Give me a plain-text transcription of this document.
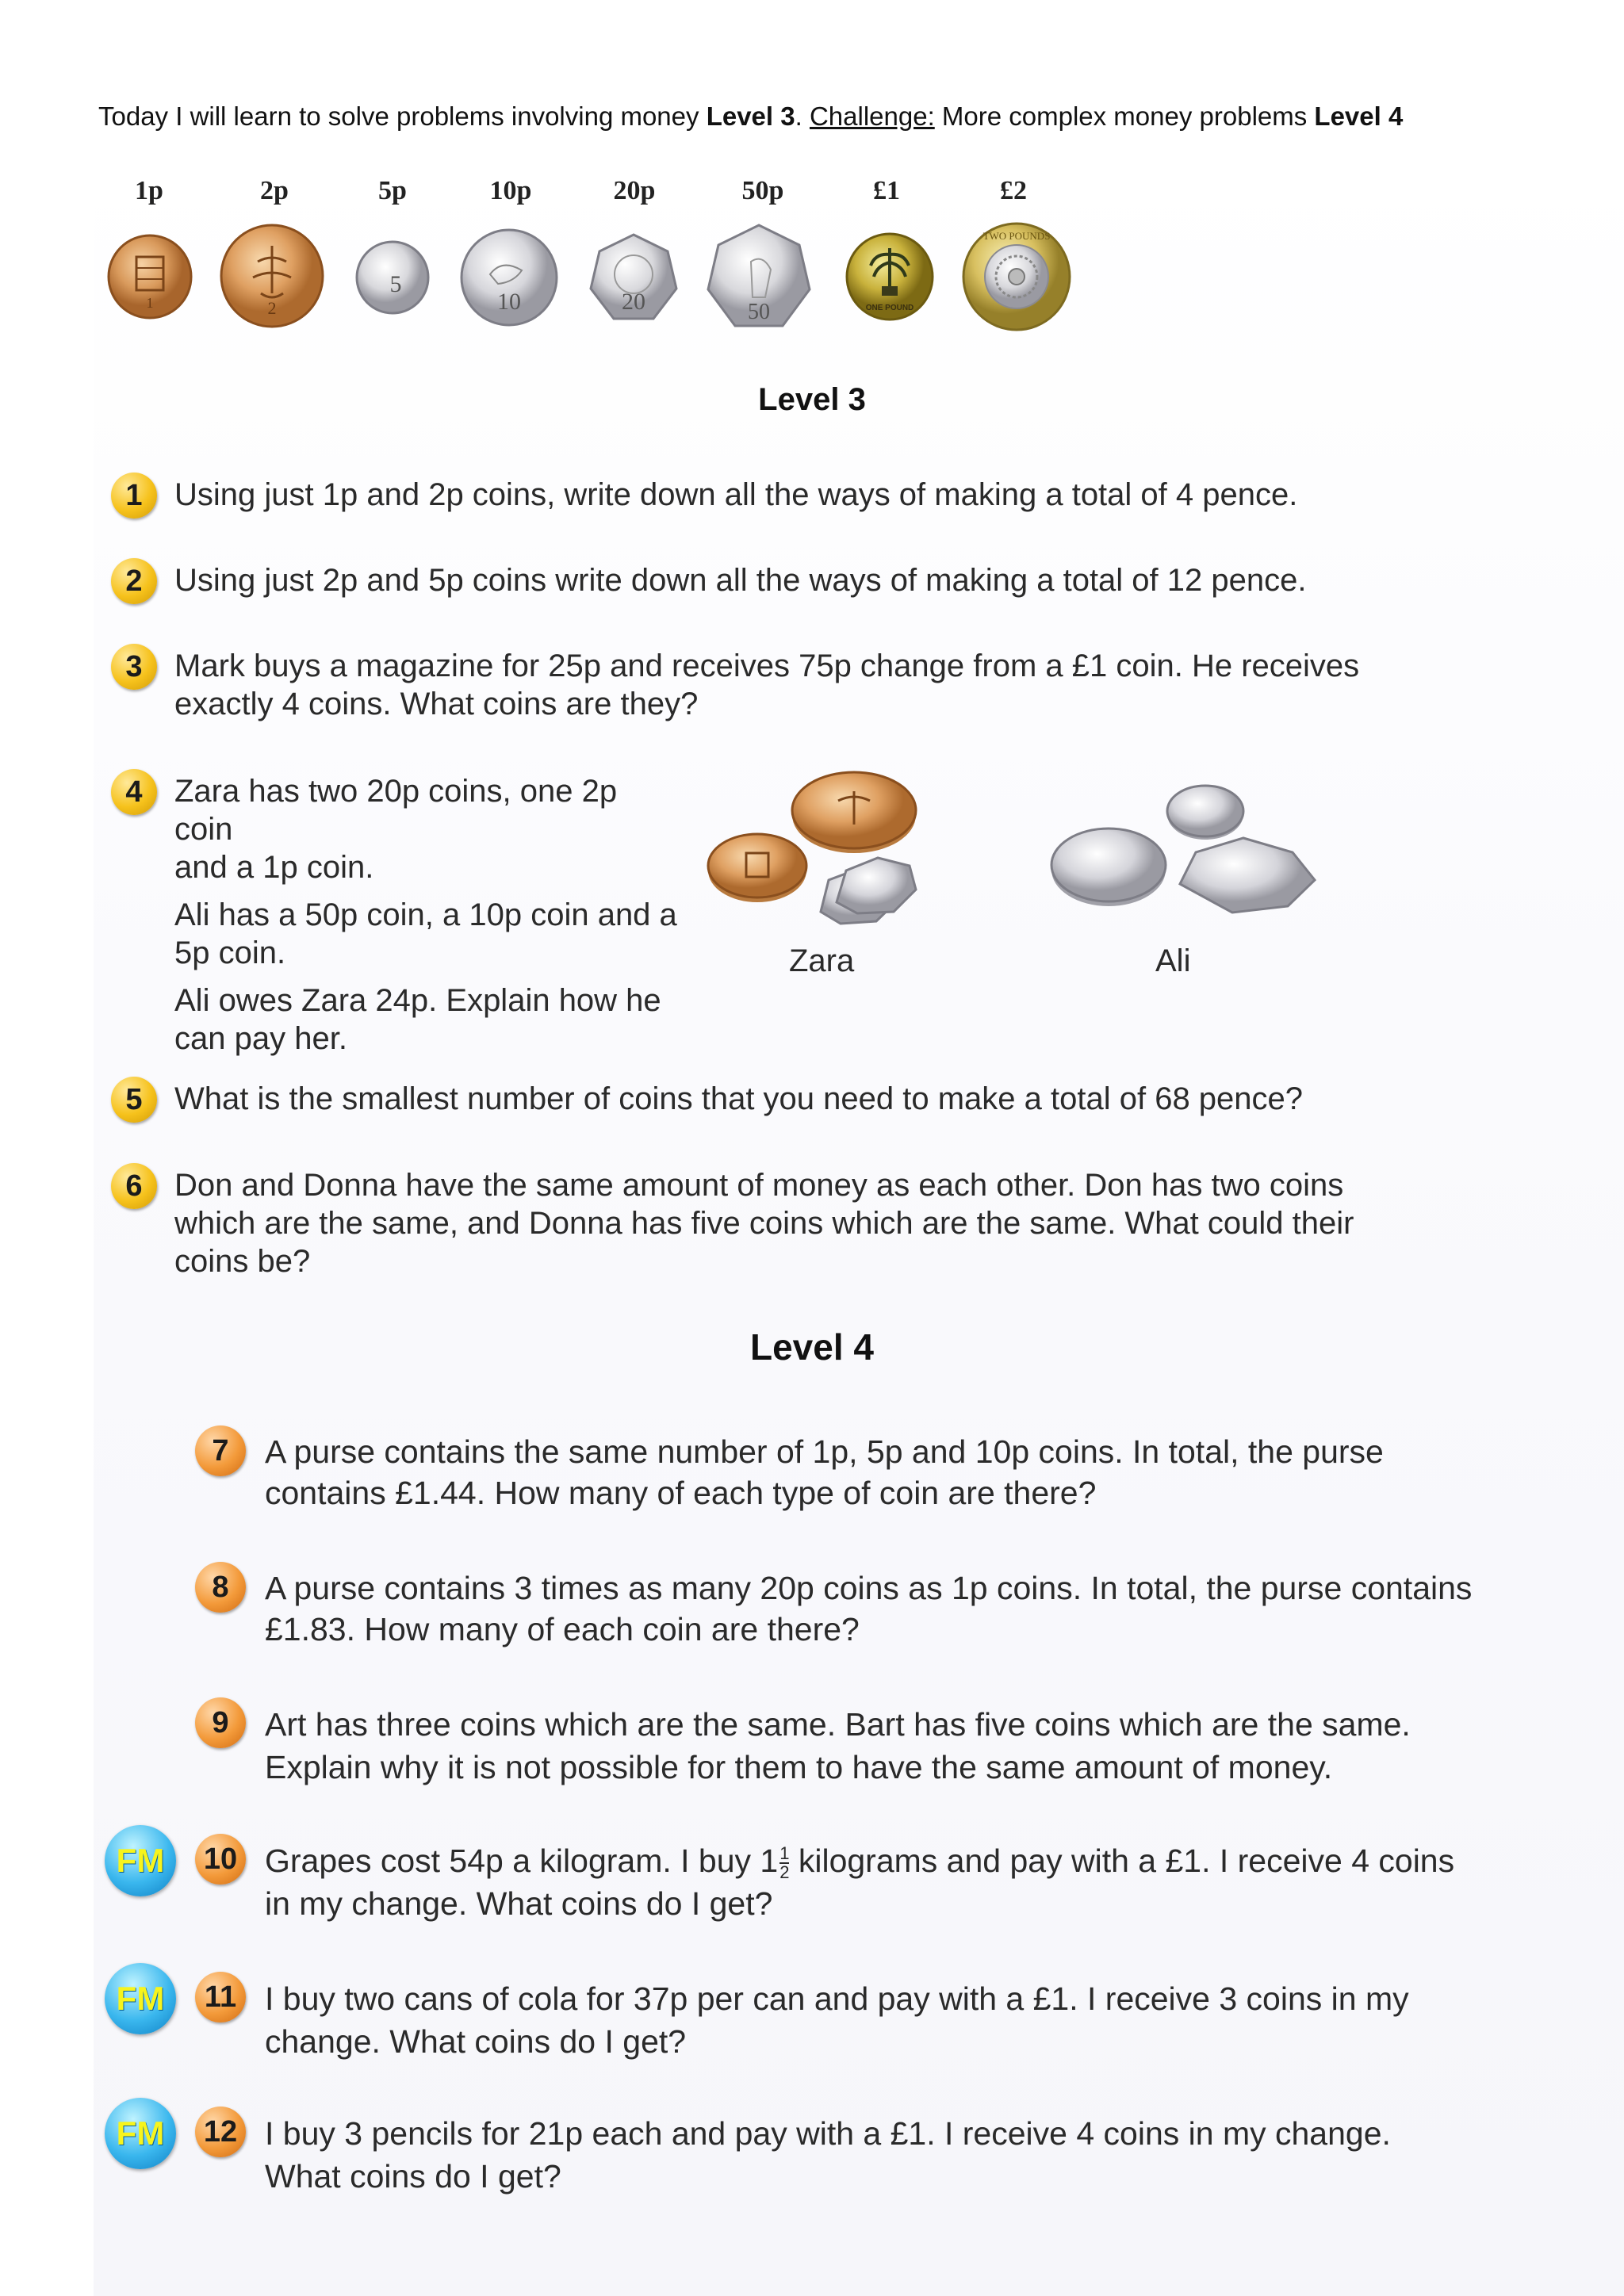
Today I will learn to solve problems involving money Level 3. Challenge: More complex money problems Level 4
1p	2p	5p	10p	20p	50p	£1	£2
1	2
5
10	20	50	ONE POUND
TWO POUNDS
Level 3
1	Using just 1p and 2p coins, write down all the ways of making a total of 4 pence.
2	Using just 2p and 5p coins write down all the ways of making a total of 12 pence.
3	Mark buys a magazine for 25p and receives 75p change from a £1 coin. He receives
exactly 4 coins. What coins are they?
4	Zara has two 20p coins, one 2p coin
and a 1p coin.

Ali has a 50p coin, a 10p coin and a
5p coin.

Ali owes Zara 24p. Explain how he
can pay her.

Zara	Ali
5	What is the smallest number of coins that you need to make a total of 68 pence?
6	Don and Donna have the same amount of money as each other. Don has two coins
which are the same, and Donna has five coins which are the same. What could their
coins be?
Level 4
7	A purse contains the same number of 1p, 5p and 10p coins. In total, the purse
contains £1.44. How many of each type of coin are there?
8	A purse contains 3 times as many 20p coins as 1p coins. In total, the purse contains
£1.83. How many of each coin are there?
9	Art has three coins which are the same. Bart has five coins which are the same.
Explain why it is not possible for them to have the same amount of money.
FM	10 Grapes cost 54p a kilogram. I buy $1 \frac{1}{2}$ kilograms and pay with a £1. I receive 4 coins
in my change. What coins do I get?
FM	11 I buy two cans of cola for 37p per can and pay with a £1. I receive 3 coins in my
change. What coins do I get?
FM	12 I buy 3 pencils for 21p each and pay with a £1. I receive 4 coins in my change.
What coins do I get?
